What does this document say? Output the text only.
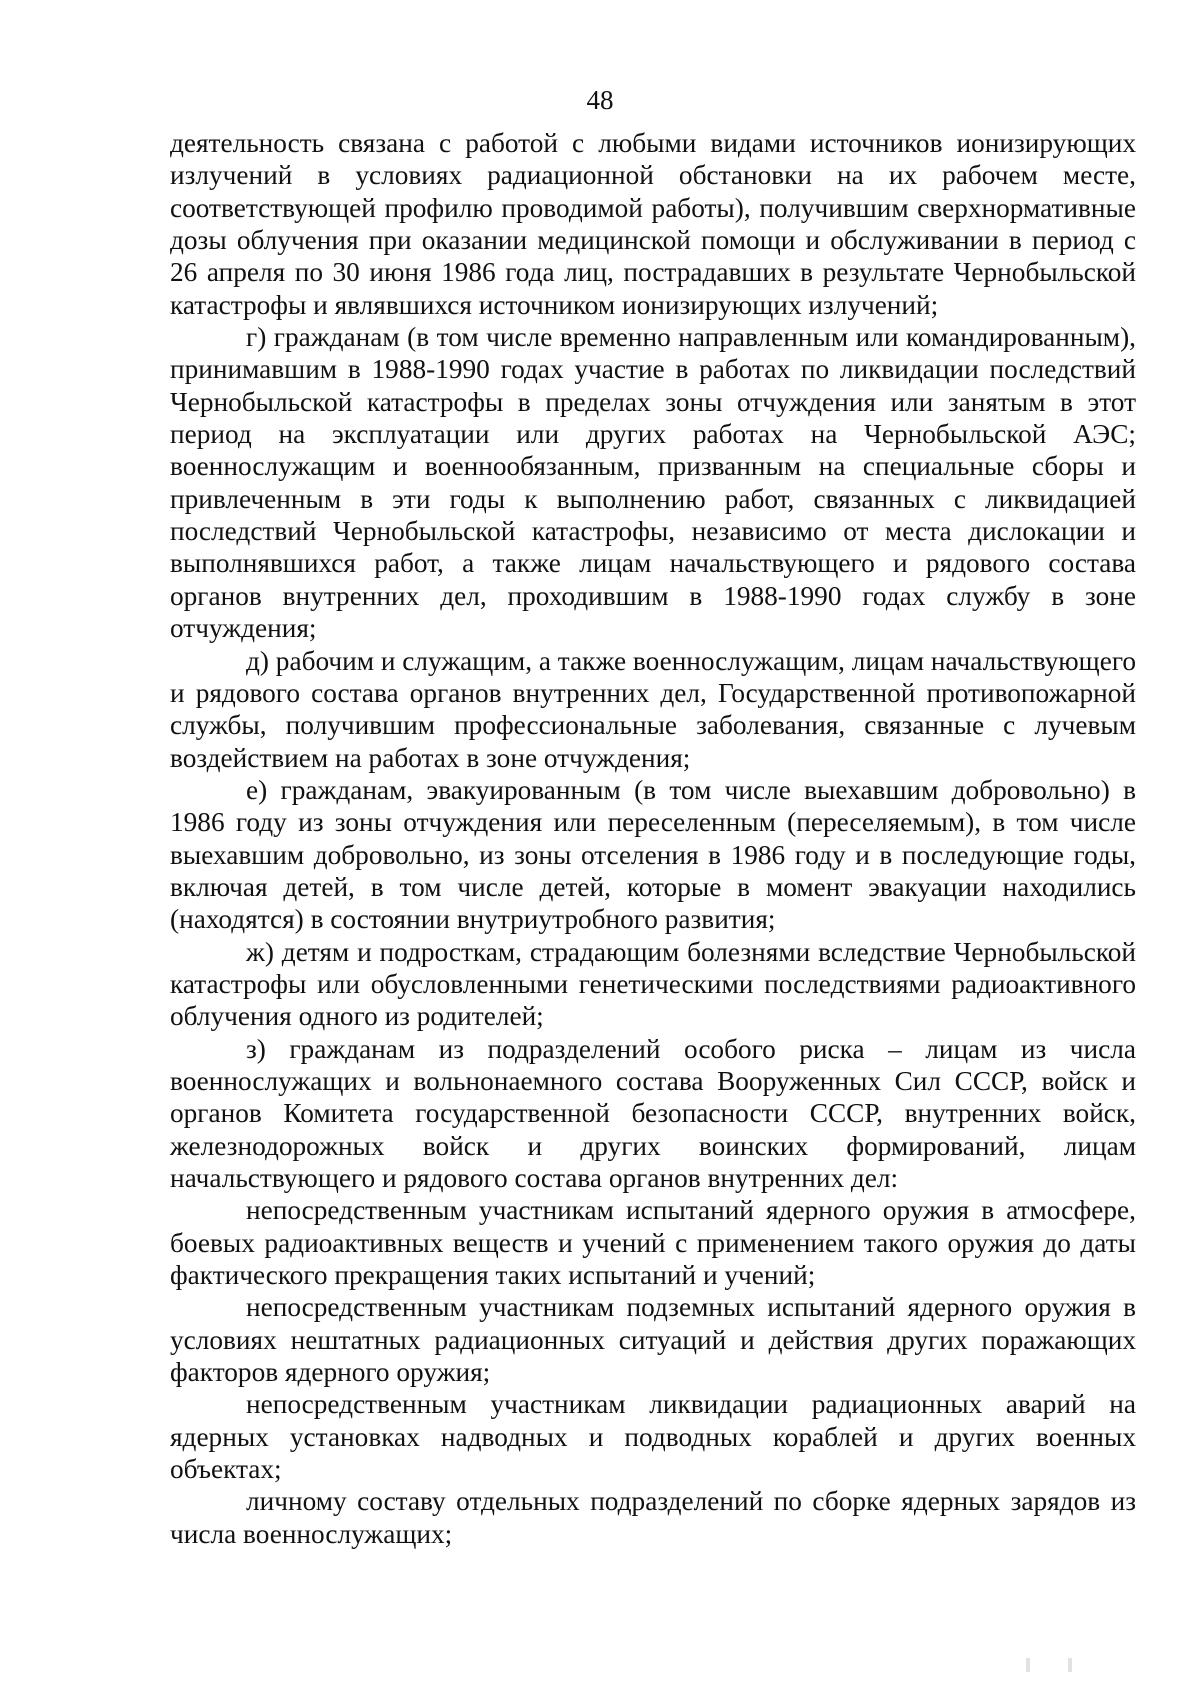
48

деятельность связана с работой с любыми видами источников ионизирующих излучений в условиях радиационной обстановки на их рабочем месте, соответствующей профилю проводимой работы), получившим сверхнормативные дозы облучения при оказании медицинской помощи и обслуживании в период с 26 апреля по 30 июня 1986 года лиц, пострадавших в результате Чернобыльской катастрофы и являвшихся источником ионизирующих излучений;

г) гражданам (в том числе временно направленным или командированным), принимавшим в 1988-1990 годах участие в работах по ликвидации последствий Чернобыльской катастрофы в пределах зоны отчуждения или занятым в этот период на эксплуатации или других работах на Чернобыльской АЭС; военнослужащим и военнообязанным, призванным на специальные сборы и привлеченным в эти годы к выполнению работ, связанных с ликвидацией последствий Чернобыльской катастрофы, независимо от места дислокации и выполнявшихся работ, а также лицам начальствующего и рядового состава органов внутренних дел, проходившим в 1988-1990 годах службу в зоне отчуждения;

д) рабочим и служащим, а также военнослужащим, лицам начальствующего и рядового состава органов внутренних дел, Государственной противопожарной службы, получившим профессиональные заболевания, связанные с лучевым воздействием на работах в зоне отчуждения;

е) гражданам, эвакуированным (в том числе выехавшим добровольно) в 1986 году из зоны отчуждения или переселенным (переселяемым), в том числе выехавшим добровольно, из зоны отселения в 1986 году и в последующие годы, включая детей, в том числе детей, которые в момент эвакуации находились (находятся) в состоянии внутриутробного развития;

ж) детям и подросткам, страдающим болезнями вследствие Чернобыльской катастрофы или обусловленными генетическими последствиями радиоактивного облучения одного из родителей;

з) гражданам из подразделений особого риска – лицам из числа военнослужащих и вольнонаемного состава Вооруженных Сил СССР, войск и органов Комитета государственной безопасности СССР, внутренних войск, железнодорожных войск и других воинских формирований, лицам начальствующего и рядового состава органов внутренних дел:

непосредственным участникам испытаний ядерного оружия в атмосфере, боевых радиоактивных веществ и учений с применением такого оружия до даты фактического прекращения таких испытаний и учений;

непосредственным участникам подземных испытаний ядерного оружия в условиях нештатных радиационных ситуаций и действия других поражающих факторов ядерного оружия;

непосредственным участникам ликвидации радиационных аварий на ядерных установках надводных и подводных кораблей и других военных объектах;

личному составу отдельных подразделений по сборке ядерных зарядов из числа военнослужащих;
